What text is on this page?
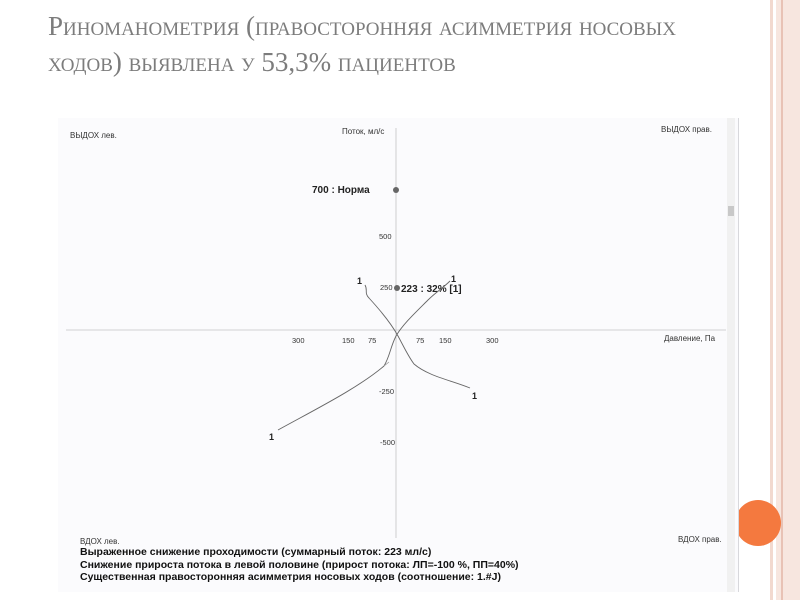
Риноманометрия (правосторонняя асимметрия носовых ходов) выявлена у 53,3% пациентов
ВЫДОХ лев.
ВЫДОХ прав.
ВДОХ лев.	ВДОХ прав.
Поток, мл/с
Давление, Па
300	150 75	75 150	300
500
250
-250
-500
700 : Норма
223 : 32% [1]
1	1
1
1
Выраженное снижение проходимости (суммарный поток: 223 мл/с)
Снижение прироста потока в левой половине (прирост потока: ЛП=-100 %, ПП=40%)
Существенная правосторонняя асимметрия носовых ходов (соотношение: 1.#J)
